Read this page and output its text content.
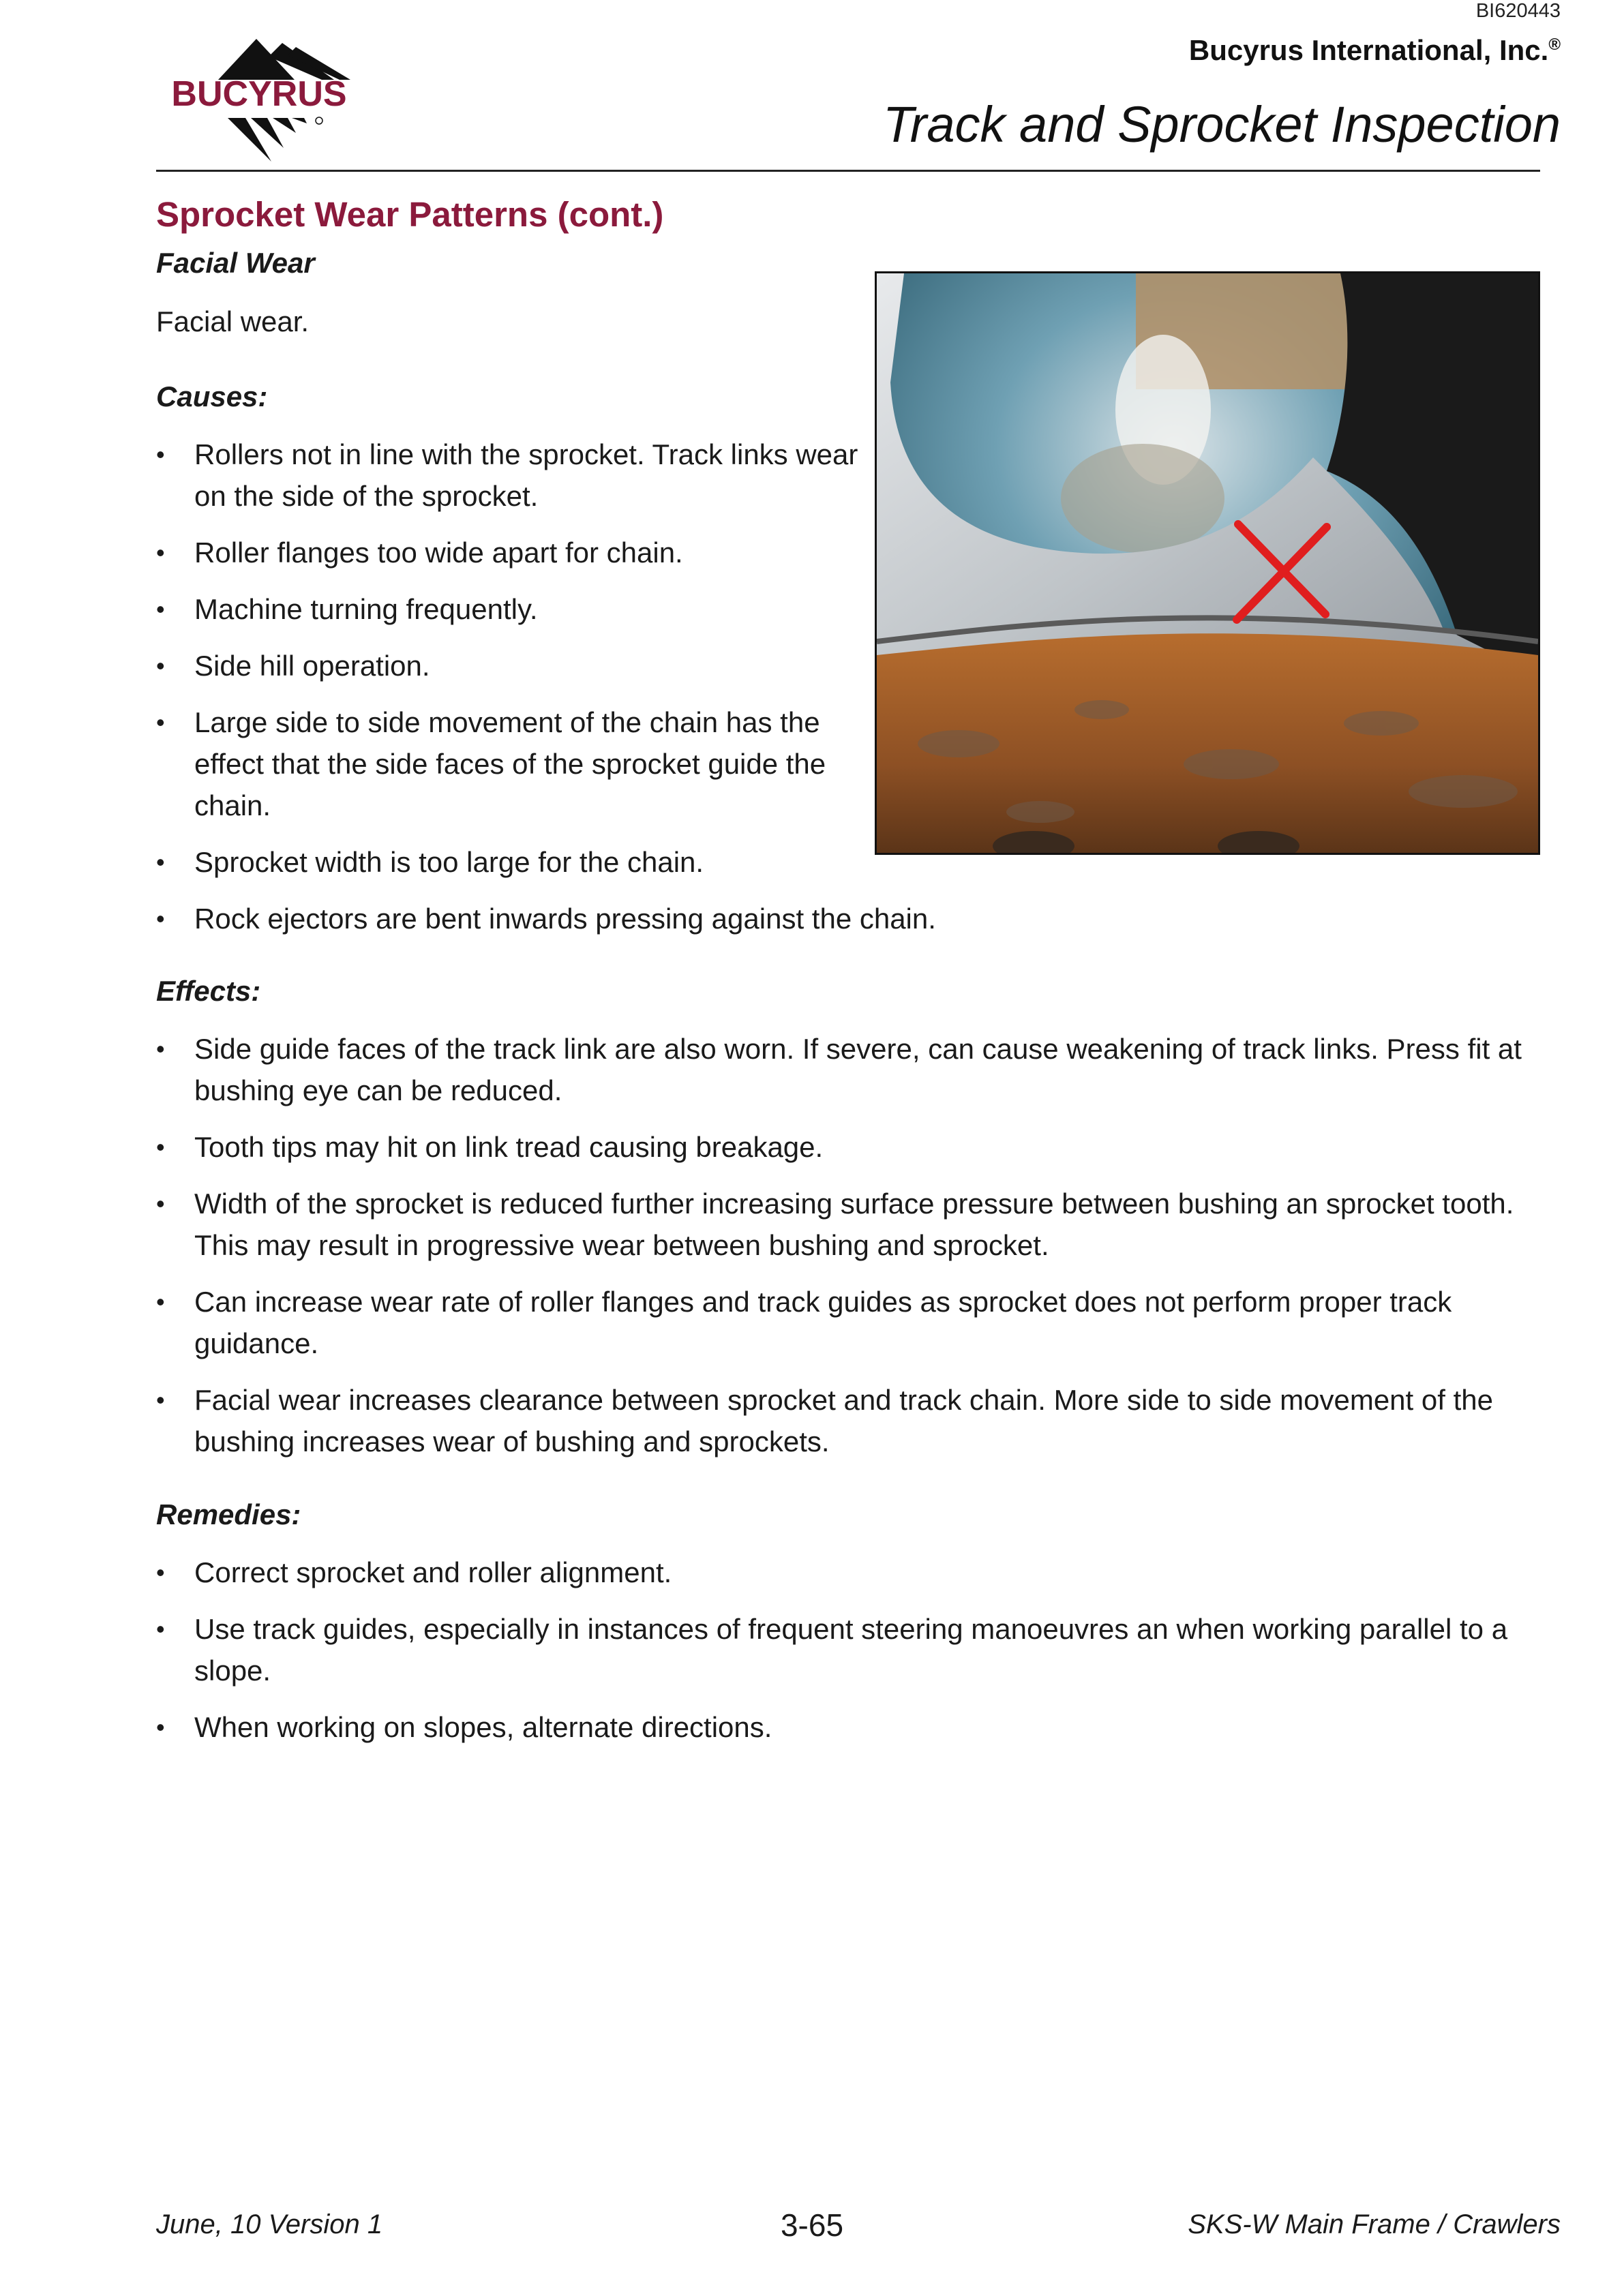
BI620443
Bucyrus International, Inc.®
Track and Sprocket Inspection
BUCYRUS
Sprocket Wear Patterns (cont.)
Facial Wear
Facial wear.
Causes:
• Rollers not in line with the sprocket. Track links wear on the side of the sprocket.
• Roller flanges too wide apart for chain.
• Machine turning frequently.
• Side hill operation.
• Large side to side movement of the chain has the effect that the side faces of the sprocket guide the chain.
• Sprocket width is too large for the chain.
• Rock ejectors are bent inwards pressing against the chain.
Effects:
• Side guide faces of the track link are also worn. If severe, can cause weakening of track links. Press fit at bushing eye can be reduced.
• Tooth tips may hit on link tread causing breakage.
• Width of the sprocket is reduced further increasing surface pressure between bushing an sprocket tooth. This may result in progressive wear between bushing and sprocket.
• Can increase wear rate of roller flanges and track guides as sprocket does not perform proper track guidance.
• Facial wear increases clearance between sprocket and track chain. More side to side movement of the bushing increases wear of bushing and sprockets.
Remedies:
• Correct sprocket and roller alignment.
• Use track guides, especially in instances of frequent steering manoeuvres an when working parallel to a slope.
• When working on slopes, alternate directions.
June, 10 Version 1	3-65	SKS-W Main Frame / Crawlers
